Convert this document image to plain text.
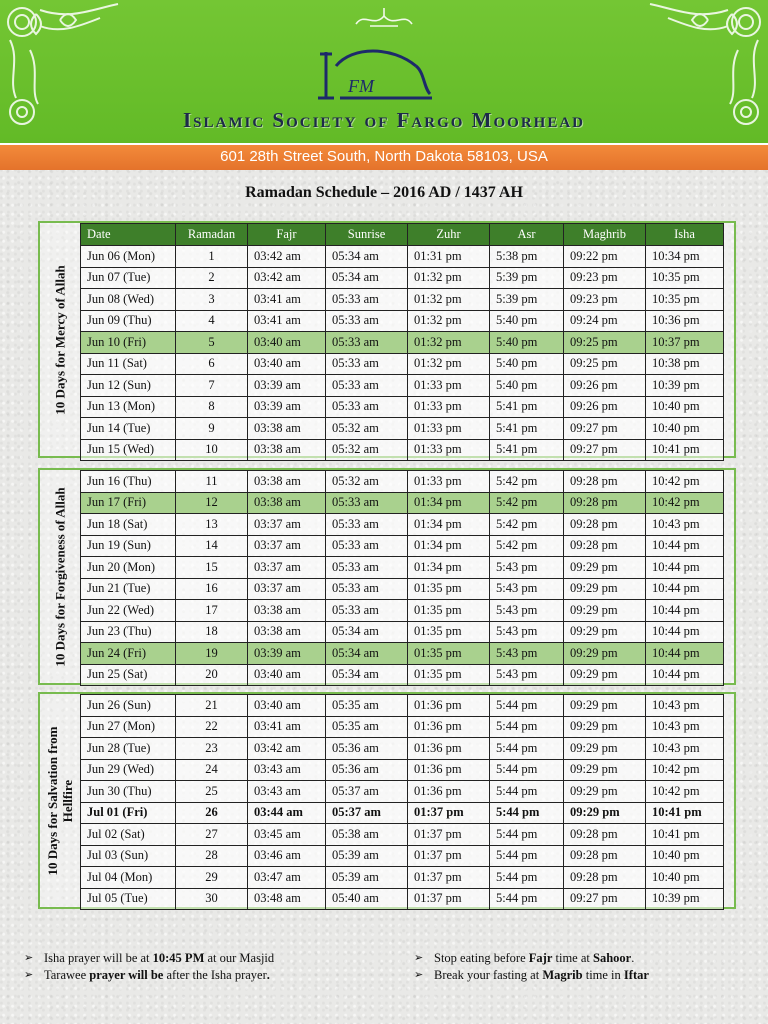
FM
Islamic Society of Fargo Moorhead
601 28th Street South, North Dakota 58103, USA
Ramadan Schedule – 2016 AD / 1437 AH
10 Days for Mercy of Allah
Date	Ramadan	Fajr	Sunrise	Zuhr	Asr	Maghrib	Isha
Jun 06 (Mon)	1	03:42 am	05:34 am	01:31 pm	5:38 pm	09:22 pm	10:34 pm
Jun 07 (Tue)	2	03:42 am	05:34 am	01:32 pm	5:39 pm	09:23 pm	10:35 pm
Jun 08 (Wed)	3	03:41 am	05:33 am	01:32 pm	5:39 pm	09:23 pm	10:35 pm
Jun 09 (Thu)	4	03:41 am	05:33 am	01:32 pm	5:40 pm	09:24 pm	10:36 pm
Jun 10 (Fri)	5	03:40 am	05:33 am	01:32 pm	5:40 pm	09:25 pm	10:37 pm
Jun 11 (Sat)	6	03:40 am	05:33 am	01:32 pm	5:40 pm	09:25 pm	10:38 pm
Jun 12 (Sun)	7	03:39 am	05:33 am	01:33 pm	5:40 pm	09:26 pm	10:39 pm
Jun 13 (Mon)	8	03:39 am	05:33 am	01:33 pm	5:41 pm	09:26 pm	10:40 pm
Jun 14 (Tue)	9	03:38 am	05:32 am	01:33 pm	5:41 pm	09:27 pm	10:40 pm
Jun 15 (Wed)	10	03:38 am	05:32 am	01:33 pm	5:41 pm	09:27 pm	10:41 pm
10 Days for Forgiveness of Allah
Jun 16 (Thu)	11	03:38 am	05:32 am	01:33 pm	5:42 pm	09:28 pm	10:42 pm
Jun 17 (Fri)	12	03:38 am	05:33 am	01:34 pm	5:42 pm	09:28 pm	10:42 pm
Jun 18 (Sat)	13	03:37 am	05:33 am	01:34 pm	5:42 pm	09:28 pm	10:43 pm
Jun 19 (Sun)	14	03:37 am	05:33 am	01:34 pm	5:42 pm	09:28 pm	10:44 pm
Jun 20 (Mon)	15	03:37 am	05:33 am	01:34 pm	5:43 pm	09:29 pm	10:44 pm
Jun 21 (Tue)	16	03:37 am	05:33 am	01:35 pm	5:43 pm	09:29 pm	10:44 pm
Jun 22 (Wed)	17	03:38 am	05:33 am	01:35 pm	5:43 pm	09:29 pm	10:44 pm
Jun 23 (Thu)	18	03:38 am	05:34 am	01:35 pm	5:43 pm	09:29 pm	10:44 pm
Jun 24 (Fri)	19	03:39 am	05:34 am	01:35 pm	5:43 pm	09:29 pm	10:44 pm
Jun 25 (Sat)	20	03:40 am	05:34 am	01:35 pm	5:43 pm	09:29 pm	10:44 pm
10 Days for Salvation from Hellfire
Jun 26 (Sun)	21	03:40 am	05:35 am	01:36 pm	5:44 pm	09:29 pm	10:43 pm
Jun 27 (Mon)	22	03:41 am	05:35 am	01:36 pm	5:44 pm	09:29 pm	10:43 pm
Jun 28 (Tue)	23	03:42 am	05:36 am	01:36 pm	5:44 pm	09:29 pm	10:43 pm
Jun 29 (Wed)	24	03:43 am	05:36 am	01:36 pm	5:44 pm	09:29 pm	10:42 pm
Jun 30 (Thu)	25	03:43 am	05:37 am	01:36 pm	5:44 pm	09:29 pm	10:42 pm
Jul 01 (Fri)	26	03:44 am	05:37 am	01:37 pm	5:44 pm	09:29 pm	10:41 pm
Jul 02 (Sat)	27	03:45 am	05:38 am	01:37 pm	5:44 pm	09:28 pm	10:41 pm
Jul 03 (Sun)	28	03:46 am	05:39 am	01:37 pm	5:44 pm	09:28 pm	10:40 pm
Jul 04 (Mon)	29	03:47 am	05:39 am	01:37 pm	5:44 pm	09:28 pm	10:40 pm
Jul 05 (Tue)	30	03:48 am	05:40 am	01:37 pm	5:44 pm	09:27 pm	10:39 pm
➢ Isha prayer will be at 10:45 PM at our Masjid
➢ Tarawee prayer will be after the Isha prayer.
➢ Stop eating before Fajr time at Sahoor.
➢ Break your fasting at Magrib time in Iftar
